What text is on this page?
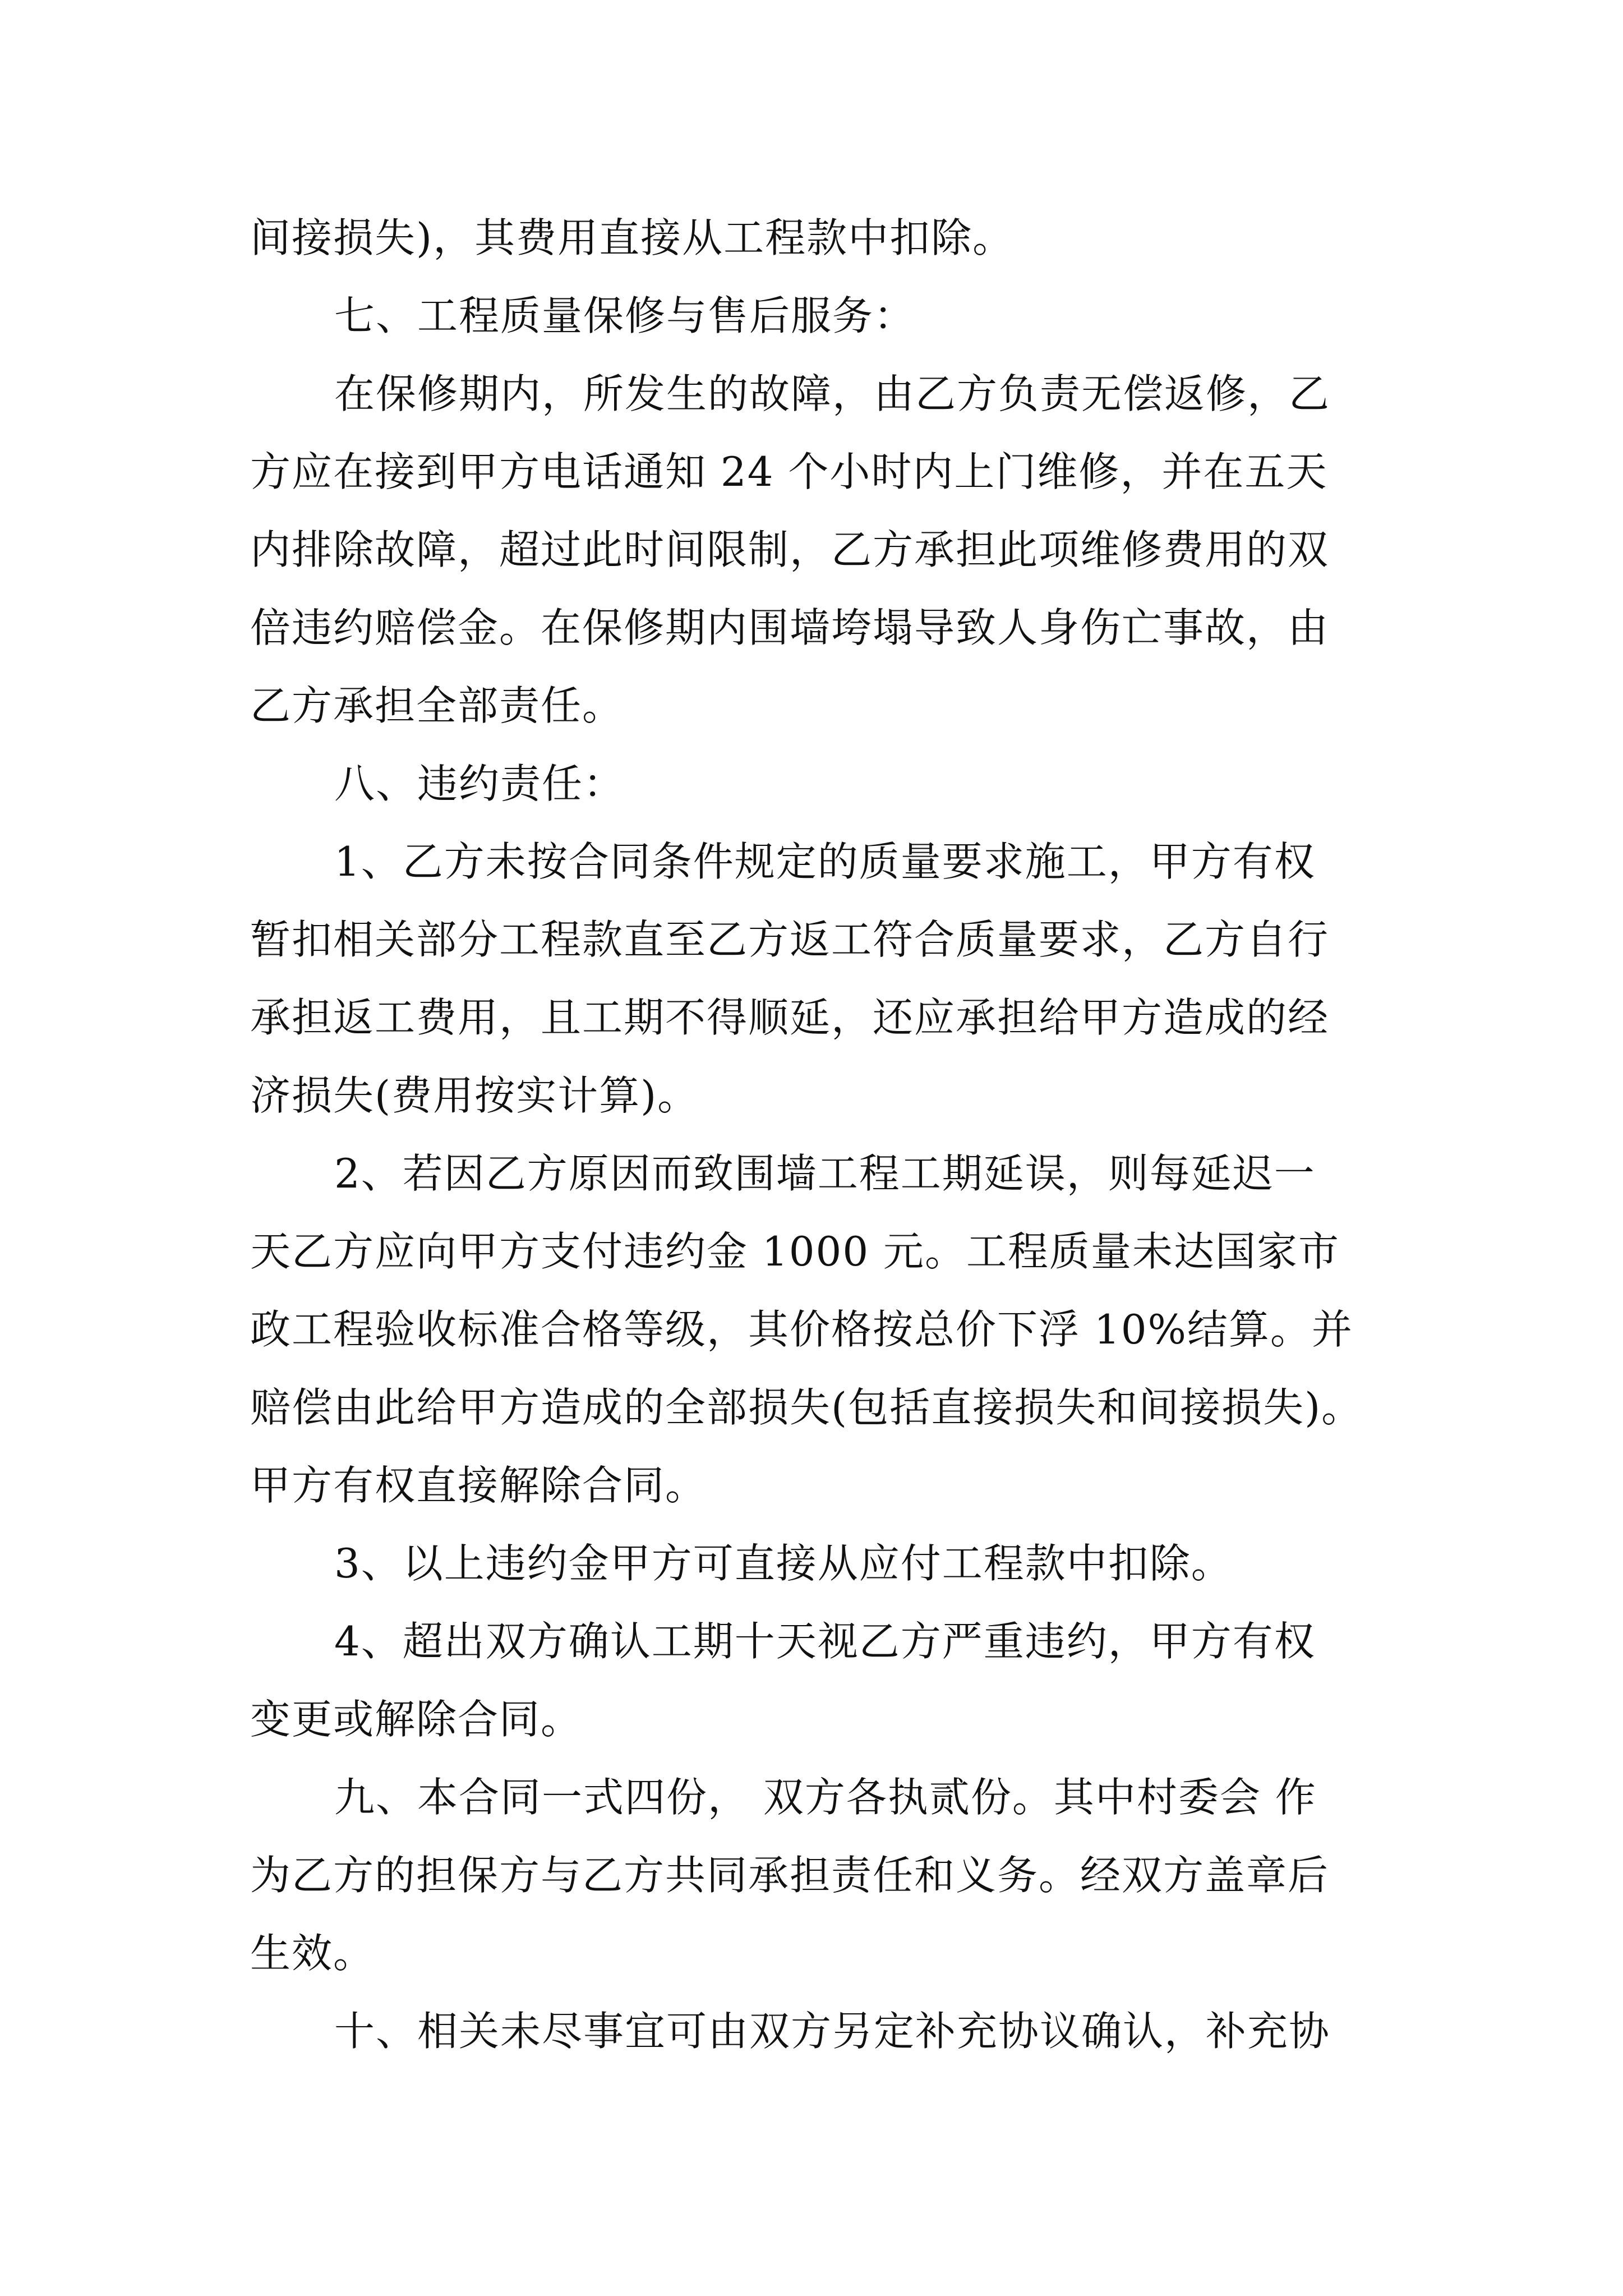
间接损失)，其费用直接从工程款中扣除。
七、工程质量保修与售后服务：
在保修期内，所发生的故障，由乙方负责无偿返修，乙
方应在接到甲方电话通知 24 个小时内上门维修，并在五天
内排除故障，超过此时间限制，乙方承担此项维修费用的双
倍违约赔偿金。在保修期内围墙垮塌导致人身伤亡事故，由
乙方承担全部责任。
八、违约责任：
1、乙方未按合同条件规定的质量要求施工，甲方有权
暂扣相关部分工程款直至乙方返工符合质量要求，乙方自行
承担返工费用，且工期不得顺延，还应承担给甲方造成的经
济损失(费用按实计算)。
2、若因乙方原因而致围墙工程工期延误，则每延迟一
天乙方应向甲方支付违约金 1000 元。工程质量未达国家市
政工程验收标准合格等级，其价格按总价下浮 10%结算。并
赔偿由此给甲方造成的全部损失(包括直接损失和间接损失)。
甲方有权直接解除合同。
3、以上违约金甲方可直接从应付工程款中扣除。
4、超出双方确认工期十天视乙方严重违约，甲方有权
变更或解除合同。
九、本合同一式四份， 双方各执贰份。其中村委会 作
为乙方的担保方与乙方共同承担责任和义务。经双方盖章后
生效。
十、相关未尽事宜可由双方另定补充协议确认，补充协
